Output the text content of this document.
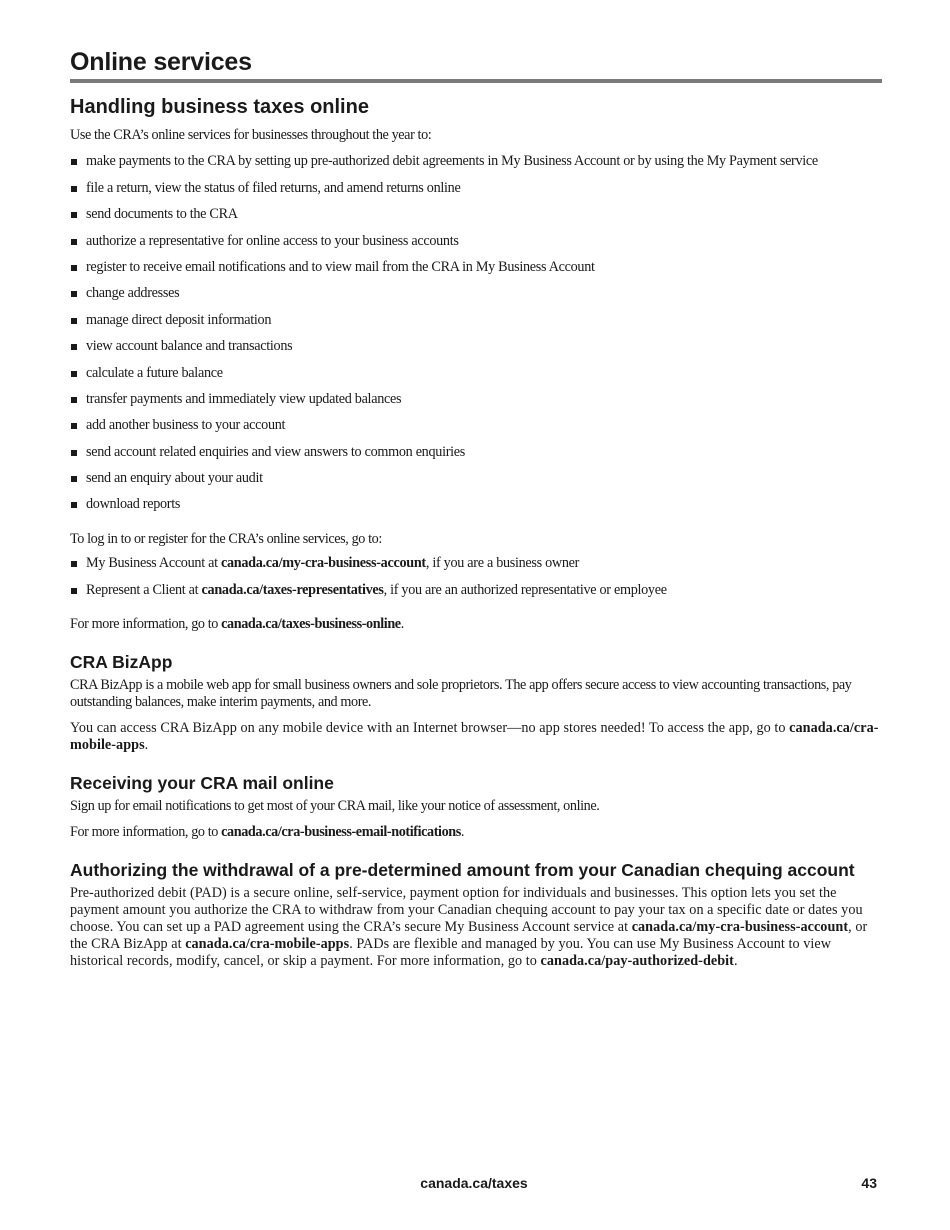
Online services
Handling business taxes online

Use the CRA’s online services for businesses throughout the year to:

make payments to the CRA by setting up pre-authorized debit agreements in My Business Account or by using the My Payment service
file a return, view the status of filed returns, and amend returns online
send documents to the CRA
authorize a representative for online access to your business accounts
register to receive email notifications and to view mail from the CRA in My Business Account
change addresses
manage direct deposit information
view account balance and transactions
calculate a future balance
transfer payments and immediately view updated balances
add another business to your account
send account related enquiries and view answers to common enquiries
send an enquiry about your audit
download reports

To log in to or register for the CRA’s online services, go to:

My Business Account at canada.ca/my-cra-business-account, if you are a business owner
Represent a Client at canada.ca/taxes-representatives, if you are an authorized representative or employee

For more information, go to canada.ca/taxes-business-online.

CRA BizApp

CRA BizApp is a mobile web app for small business owners and sole proprietors. The app offers secure access to view accounting transactions, pay outstanding balances, make interim payments, and more.

You can access CRA BizApp on any mobile device with an Internet browser—no app stores needed! To access the app, go to canada.ca/cra-mobile-apps.

Receiving your CRA mail online

Sign up for email notifications to get most of your CRA mail, like your notice of assessment, online.

For more information, go to canada.ca/cra-business-email-notifications.

Authorizing the withdrawal of a pre-determined amount from your Canadian chequing account

Pre-authorized debit (PAD) is a secure online, self-service, payment option for individuals and businesses. This option lets you set the payment amount you authorize the CRA to withdraw from your Canadian chequing account to pay your tax on a specific date or dates you choose. You can set up a PAD agreement using the CRA’s secure My Business Account service at canada.ca/my-cra-business-account, or the CRA BizApp at canada.ca/cra-mobile-apps. PADs are flexible and managed by you. You can use My Business Account to view historical records, modify, cancel, or skip a payment. For more information, go to canada.ca/pay-authorized-debit.

canada.ca/taxes	43
